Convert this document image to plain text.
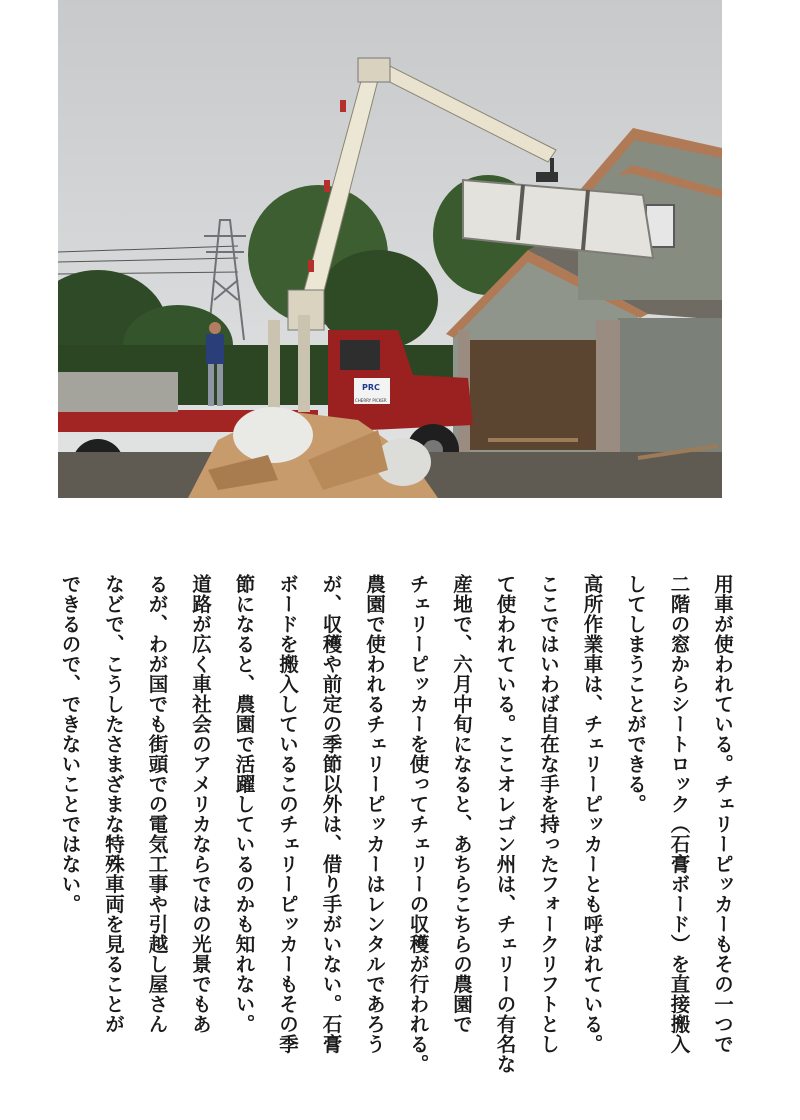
PRC
CHERRY PICKER
用車が使われている。チェリーピッカーもその一つで
二階の窓からシートロック（石膏ボード）を直接搬入
してしまうことができる。
高所作業車は、チェリーピッカーとも呼ばれている。
ここではいわば自在な手を持ったフォークリフトとし
て使われている。ここオレゴン州は、チェリーの有名な
産地で、六月中旬になると、あちらこちらの農園で
チェリーピッカーを使ってチェリーの収穫が行われる。
農園で使われるチェリーピッカーはレンタルであろう
が、収穫や前定の季節以外は、借り手がいない。石膏
ボードを搬入しているこのチェリーピッカーもその季
節になると、農園で活躍しているのかも知れない。
道路が広く車社会のアメリカならではの光景でもあ
るが、わが国でも街頭での電気工事や引越し屋さん
などで、こうしたさまざまな特殊車両を見ることが
できるので、できないことではない。
